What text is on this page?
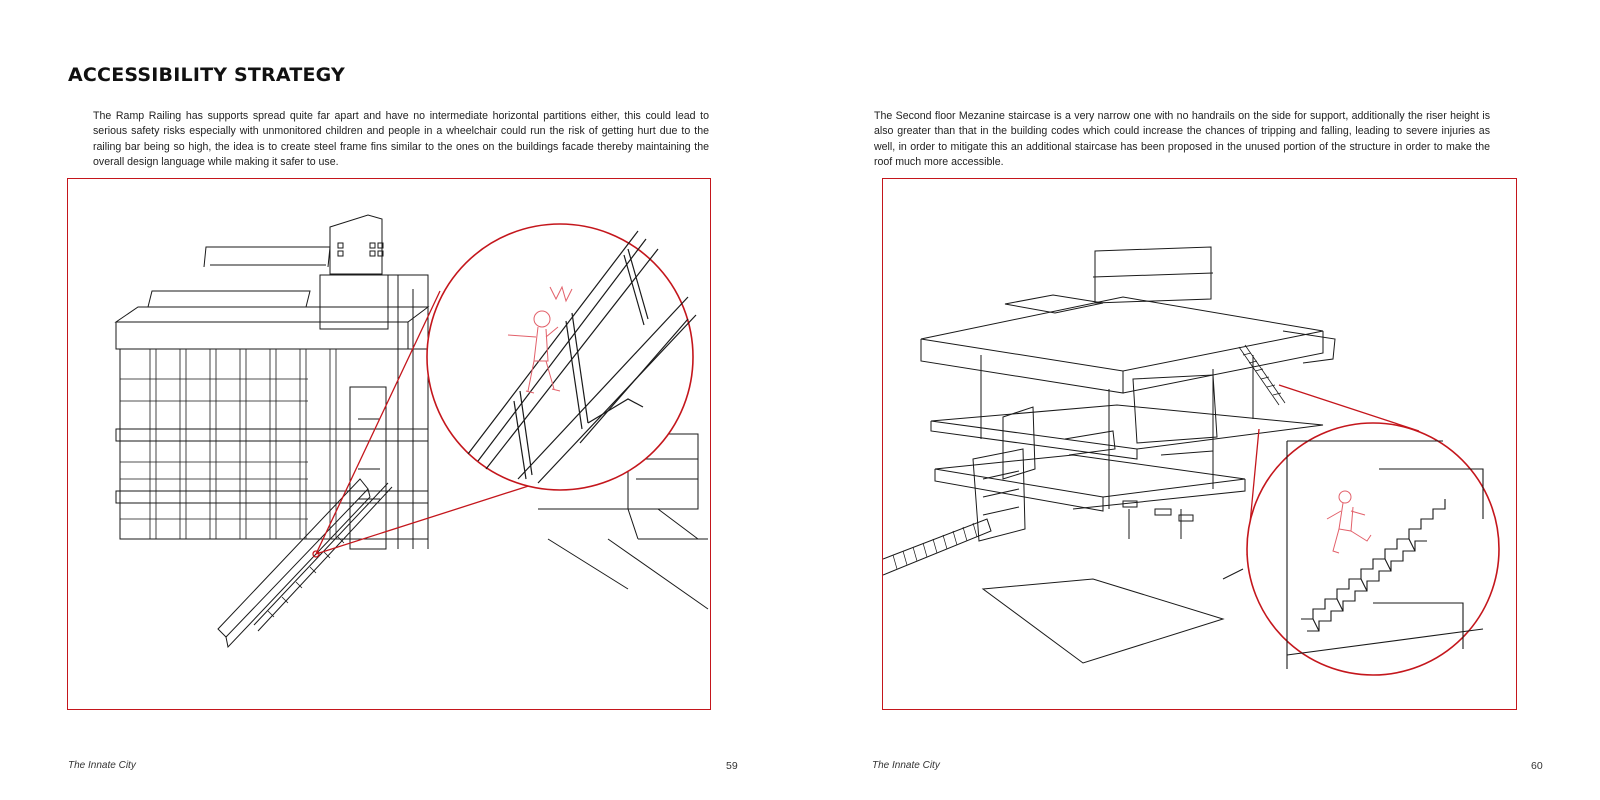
ACCESSIBILITY STRATEGY

The Ramp Railing has supports spread quite far apart and have no intermediate horizontal partitions either, this could lead to serious safety risks especially with unmonitored children and people in a wheelchair could run the risk of getting hurt due to the railing bar being so high, the idea is to create steel frame fins similar to the ones on the buildings facade thereby maintaining the overall design language while making it safer to use.

The Innate City	59

The Second floor Mezanine staircase is a very narrow one with no handrails on the side for support, additionally the riser height is also greater than that in the building codes which could increase the chances of tripping and falling, leading to severe injuries as well, in order to mitigate this an additional staircase has been proposed in the unused portion of the structure in order to make the roof much more accessible.

The Innate City	60
